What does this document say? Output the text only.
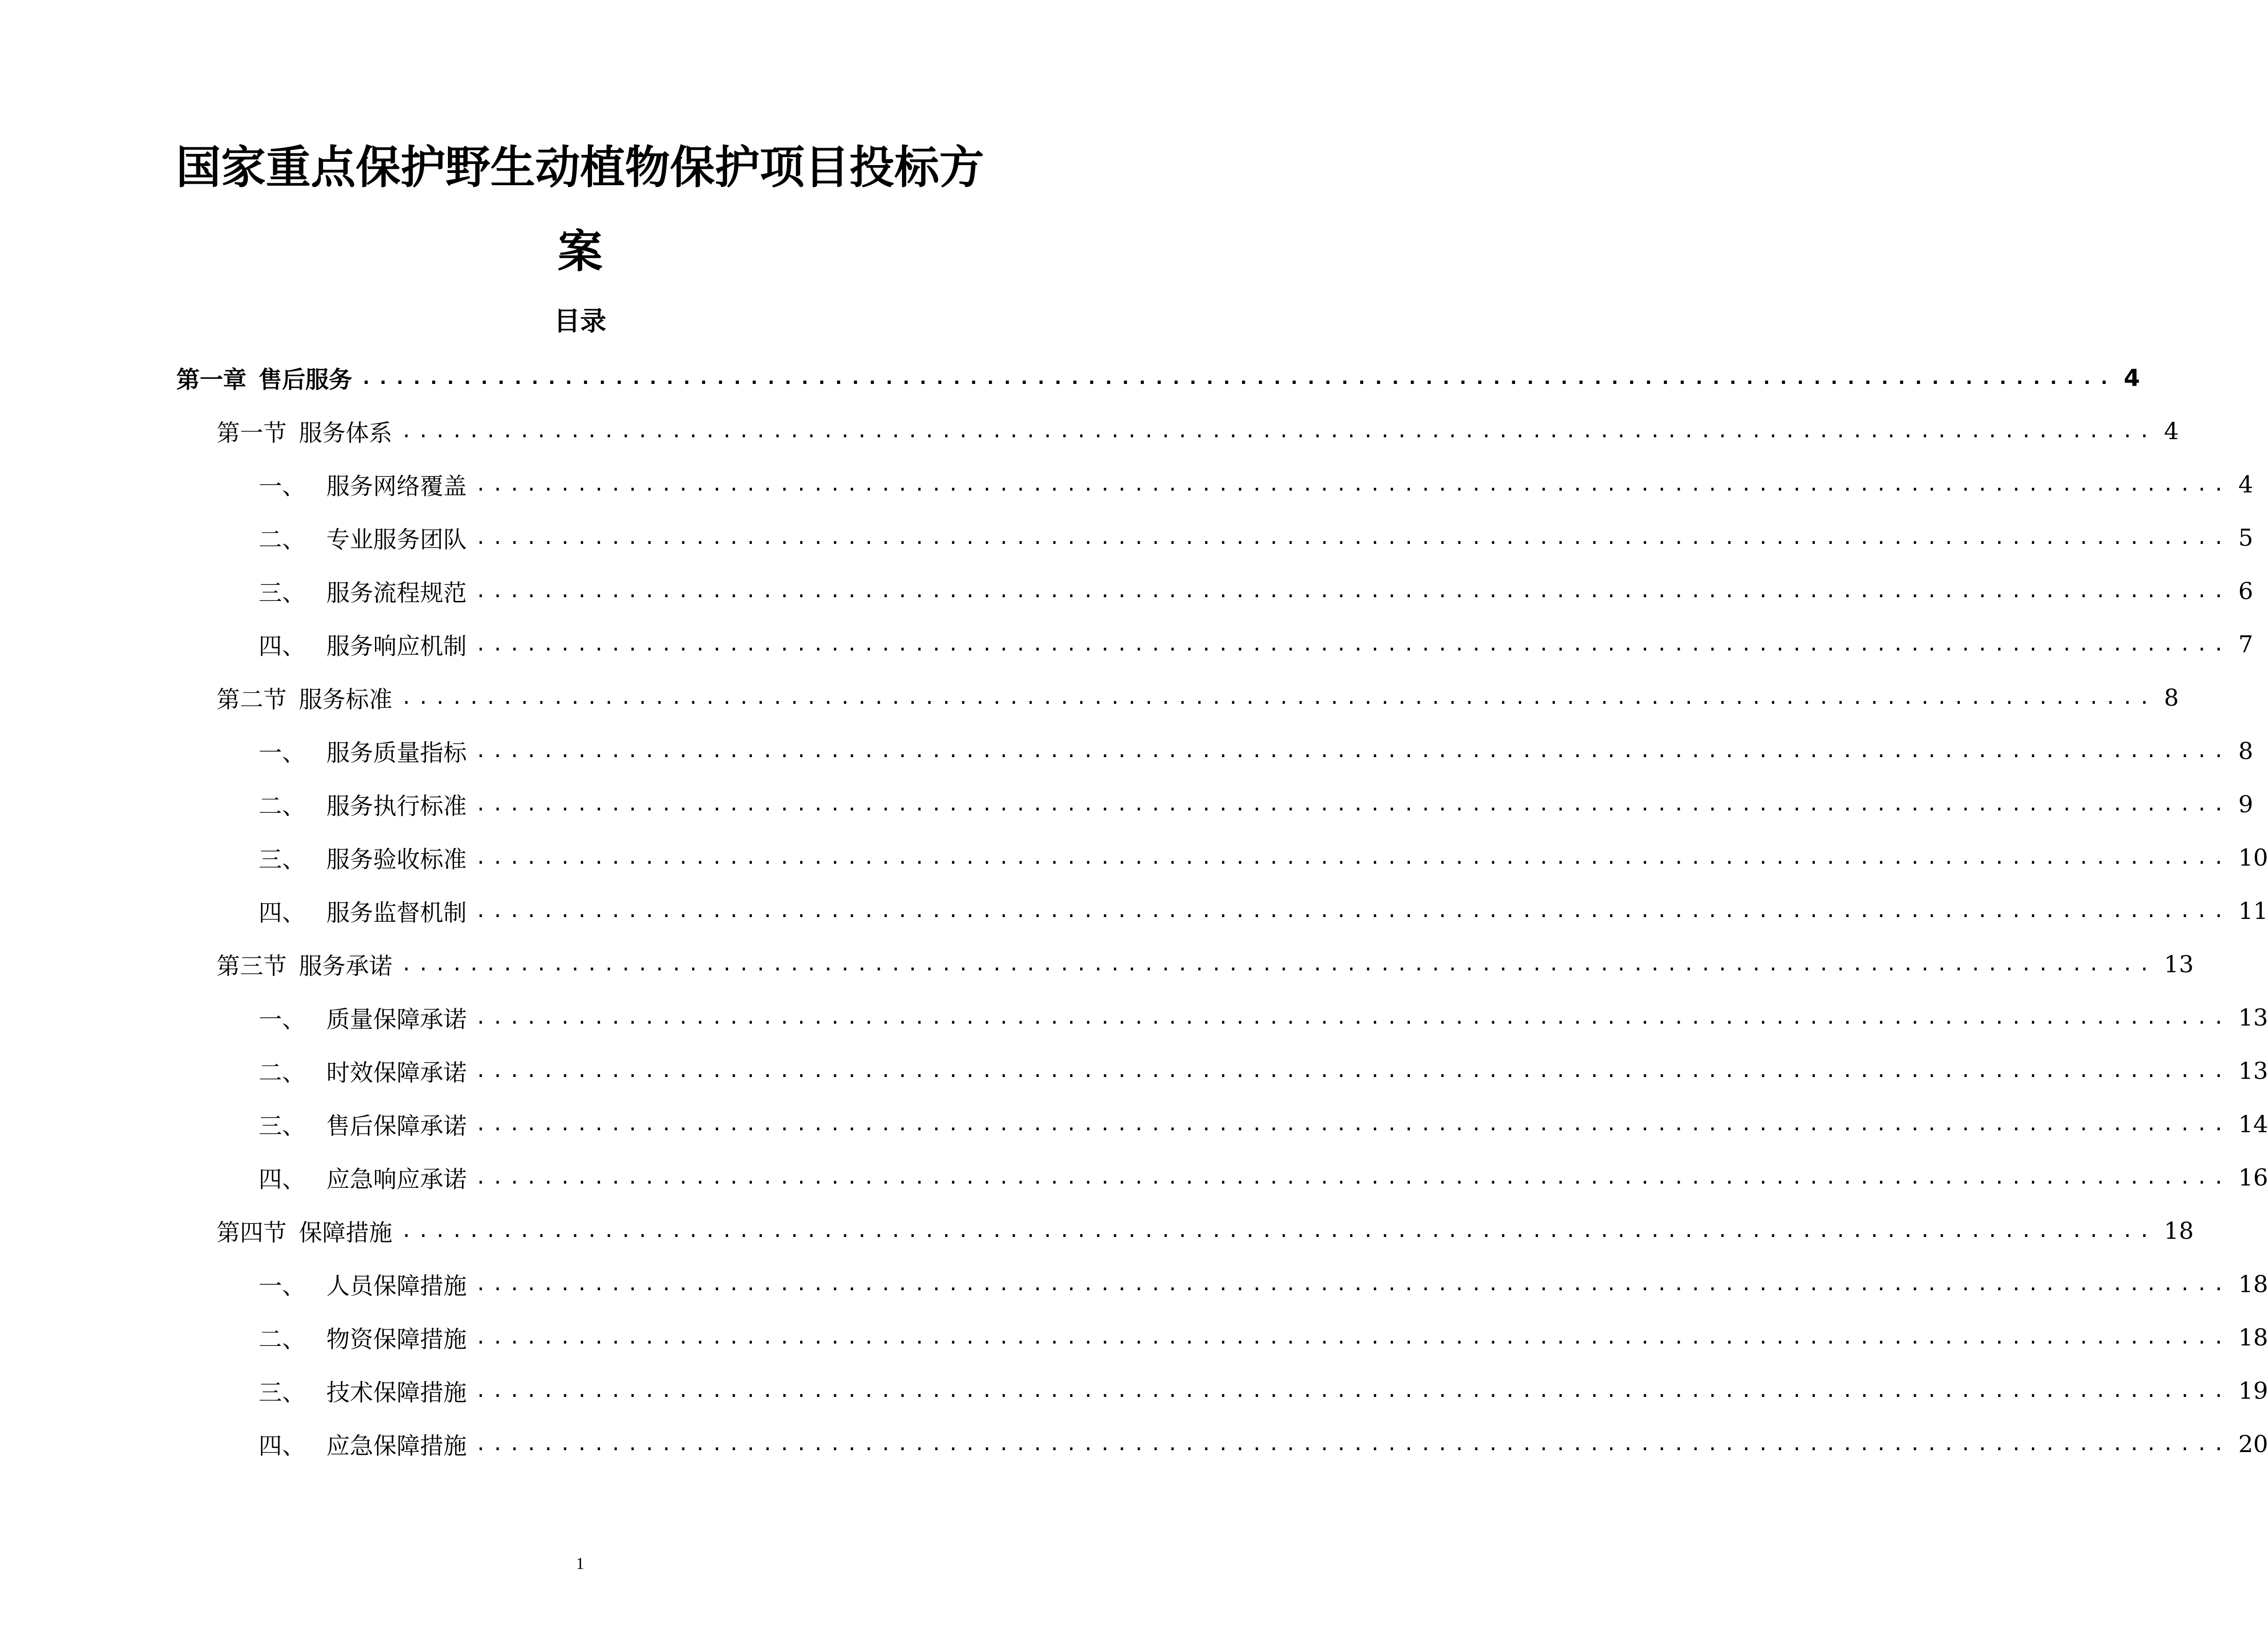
国家重点保护野生动植物保护项目投标方
案
目录
第一章 售后服务 ........................................................................................................ 4
第一节 服务体系 ........................................................................................................ 4
一、 服务网络覆盖 ........................................................................................................ 4
二、 专业服务团队 ........................................................................................................ 5
三、 服务流程规范 ........................................................................................................ 6
四、 服务响应机制 ........................................................................................................ 7
第二节 服务标准 ........................................................................................................ 8
一、 服务质量指标 ........................................................................................................ 8
二、 服务执行标准 ........................................................................................................ 9
三、 服务验收标准 ........................................................................................................ 10
四、 服务监督机制 ........................................................................................................ 11
第三节 服务承诺 ........................................................................................................ 13
一、 质量保障承诺 ........................................................................................................ 13
二、 时效保障承诺 ........................................................................................................ 13
三、 售后保障承诺 ........................................................................................................ 14
四、 应急响应承诺 ........................................................................................................ 16
第四节 保障措施 ........................................................................................................ 18
一、 人员保障措施 ........................................................................................................ 18
二、 物资保障措施 ........................................................................................................ 18
三、 技术保障措施 ........................................................................................................ 19
四、 应急保障措施 ........................................................................................................ 20
1
